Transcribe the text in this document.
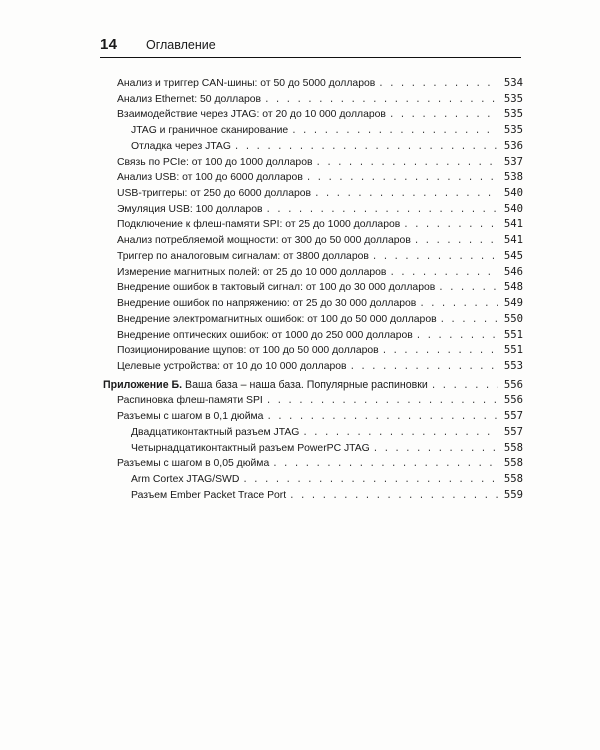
14 Оглавление
Анализ и триггер CAN-шины: от 50 до 5000 долларов . . .	534
Анализ Ethernet: 50 долларов . . .	535
Взаимодействие через JTAG: от 20 до 10 000 долларов . . .	535
JTAG и граничное сканирование . . .	535
Отладка через JTAG . . .	536
Связь по PCIe: от 100 до 1000 долларов . . .	537
Анализ USB: от 100 до 6000 долларов . . .	538
USB-триггеры: от 250 до 6000 долларов . . .	540
Эмуляция USB: 100 долларов . . .	540
Подключение к флеш-памяти SPI: от 25 до 1000 долларов . . .	541
Анализ потребляемой мощности: от 300 до 50 000 долларов . . .	541
Триггер по аналоговым сигналам: от 3800 долларов . . .	545
Измерение магнитных полей: от 25 до 10 000 долларов . . .	546
Внедрение ошибок в тактовый сигнал: от 100 до 30 000 долларов . . .	548
Внедрение ошибок по напряжению: от 25 до 30 000 долларов . . .	549
Внедрение электромагнитных ошибок: от 100 до 50 000 долларов . . .	550
Внедрение оптических ошибок: от 1000 до 250 000 долларов . . .	551
Позиционирование щупов: от 100 до 50 000 долларов . . .	551
Целевые устройства: от 10 до 10 000 долларов . . .	553
Приложение Б. Ваша база – наша база. Популярные распиновки . . .	556
Распиновка флеш-памяти SPI . . .	556
Разъемы с шагом в 0,1 дюйма . . .	557
Двадцатиконтактный разъем JTAG . . .	557
Четырнадцатиконтактный разъем PowerPC JTAG . . .	558
Разъемы с шагом в 0,05 дюйма . . .	558
Arm Cortex JTAG/SWD . . .	558
Разъем Ember Packet Trace Port . . .	559
